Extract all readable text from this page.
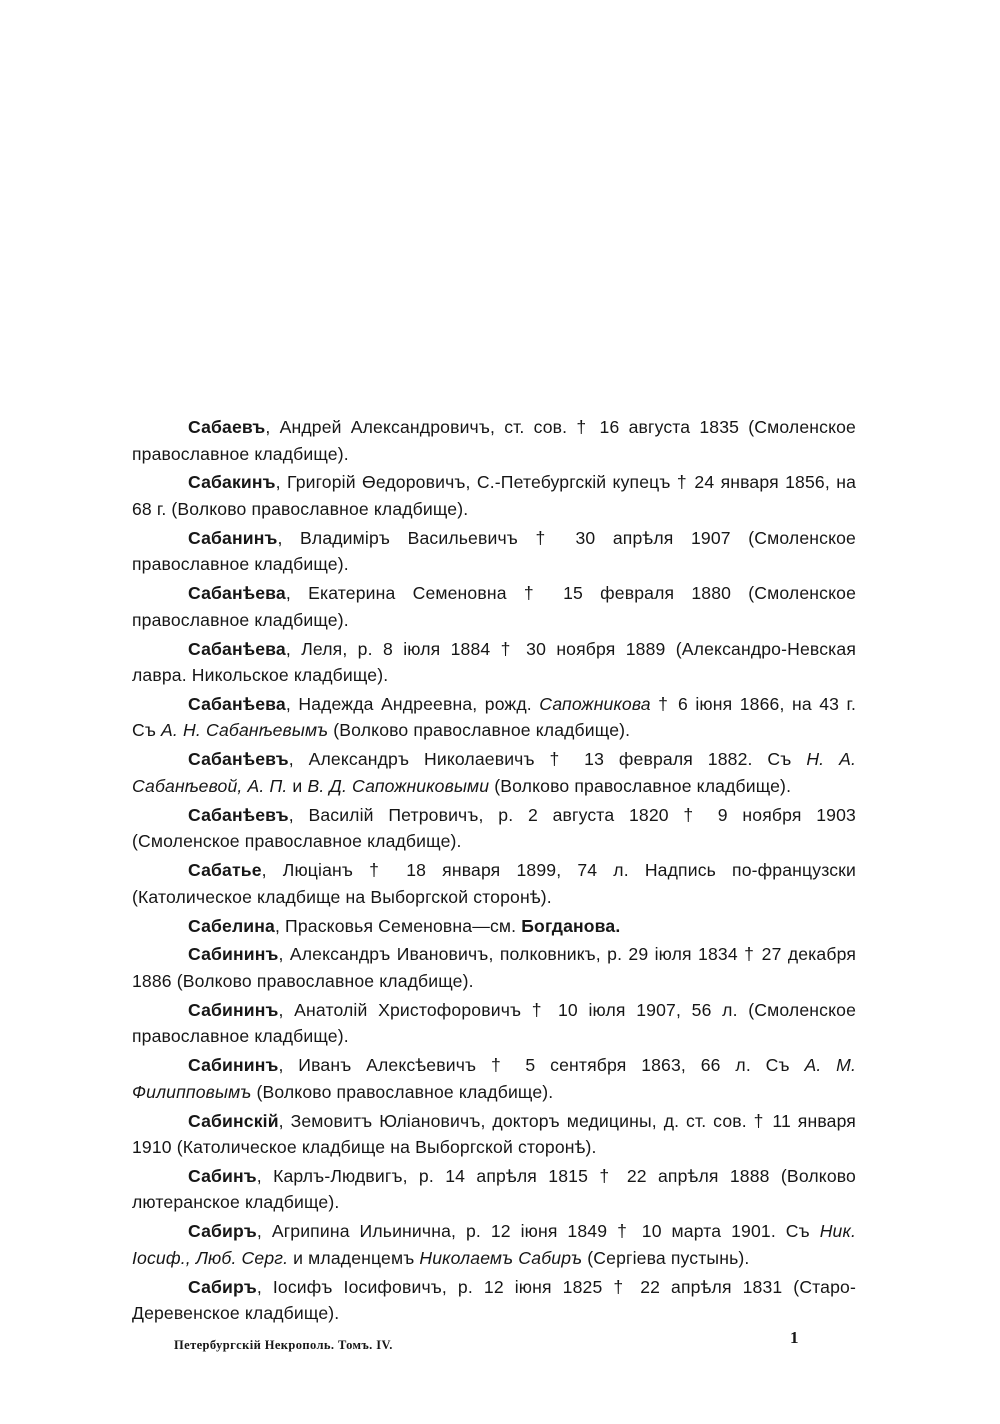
Сабаевъ, Андрей Александровичъ, ст. сов. † 16 августа 1835 (Смоленское православное кладбище).

Сабакинъ, Григорій Өедоровичъ, С.-Петебургскій купецъ † 24 января 1856, на 68 г. (Волково православное кладбище).

Сабанинъ, Владиміръ Васильевичъ † 30 апрѣля 1907 (Смоленское православное кладбище).

Сабанѣева, Екатерина Семеновна † 15 февраля 1880 (Смоленское православное кладбище).

Сабанѣева, Леля, р. 8 іюля 1884 † 30 ноября 1889 (Александро-Невская лавра. Никольское кладбище).

Сабанѣева, Надежда Андреевна, рожд. Сапожникова † 6 іюня 1866, на 43 г. Съ А. Н. Сабанѣевымъ (Волково православное кладбище).

Сабанѣевъ, Александръ Николаевичъ † 13 февраля 1882. Съ Н. А. Сабанѣевой, А. П. и В. Д. Сапожниковыми (Волково православное кладбище).

Сабанѣевъ, Василій Петровичъ, р. 2 августа 1820 † 9 ноября 1903 (Смоленское православное кладбище).

Сабатье, Люціанъ † 18 января 1899, 74 л. Надпись по-французски (Католическое кладбище на Выборгской сторонѣ).

Сабелина, Прасковья Семеновна—см. Богданова.

Сабининъ, Александръ Ивановичъ, полковникъ, р. 29 іюля 1834 † 27 декабря 1886 (Волково православное кладбище).

Сабининъ, Анатолій Христофоровичъ † 10 іюля 1907, 56 л. (Смоленское православное кладбище).

Сабининъ, Иванъ Алексѣевичъ † 5 сентября 1863, 66 л. Съ А. М. Филипповымъ (Волково православное кладбище).

Сабинскій, Земовитъ Юліановичъ, докторъ медицины, д. ст. сов. † 11 января 1910 (Католическое кладбище на Выборгской сторонѣ).

Сабинъ, Карлъ-Людвигъ, р. 14 апрѣля 1815 † 22 апрѣля 1888 (Волково лютеранское кладбище).

Сабиръ, Агрипина Ильинична, р. 12 іюня 1849 † 10 марта 1901. Съ Ник. Іосиф., Люб. Серг. и младенцемъ Николаемъ Сабиръ (Сергіева пустынь).

Сабиръ, Іосифъ Іосифовичъ, р. 12 іюня 1825 † 22 апрѣля 1831 (Старо-Деревенское кладбище).

Петербургскій Некрополь. Томъ. IV.	1
